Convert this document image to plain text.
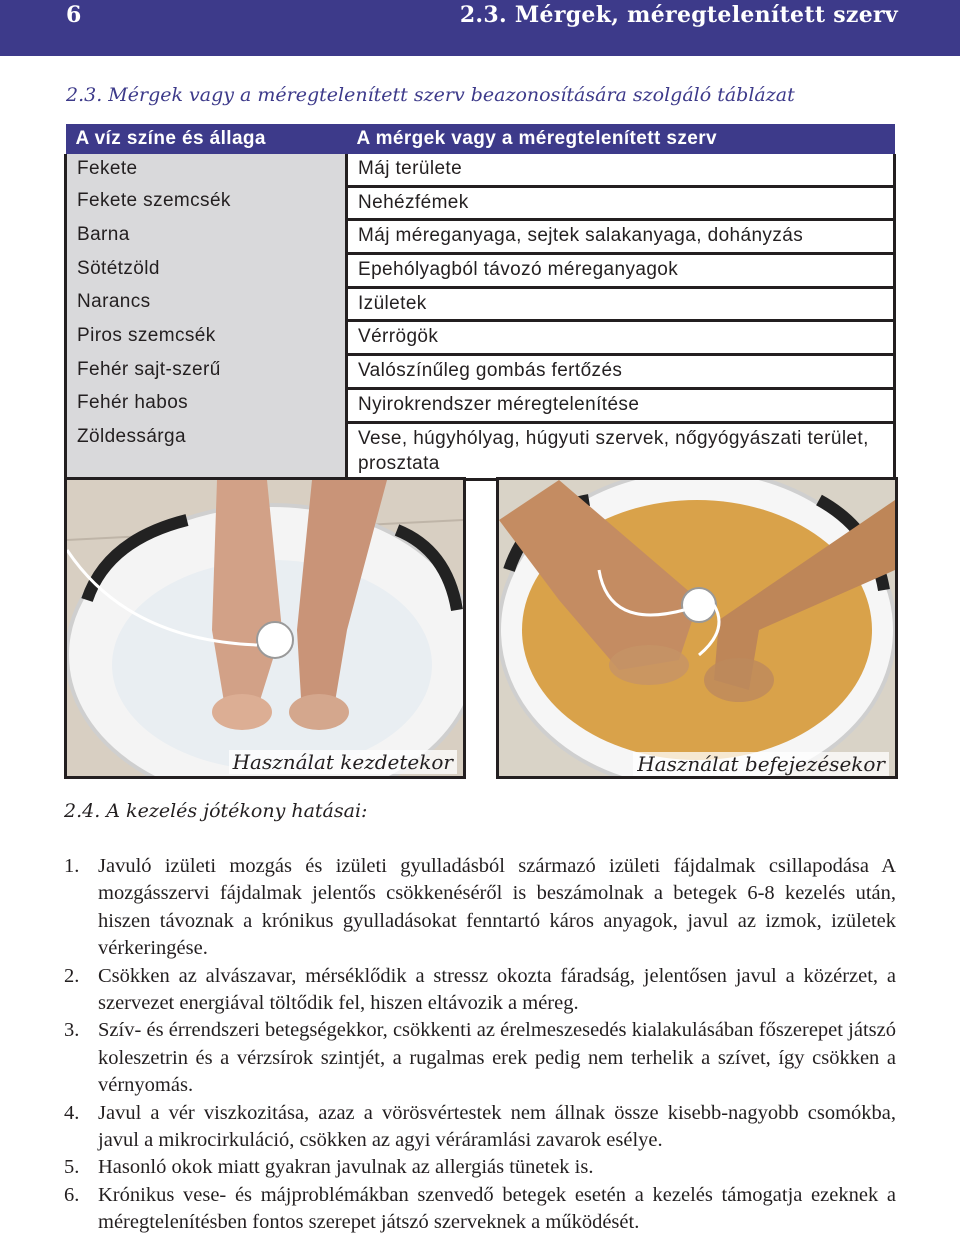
6	2.3. Mérgek, méregtelenített szerv
2.3. Mérgek vagy a méregtelenített szerv beazonosítására szolgáló táblázat
A víz színe és állaga	A mérgek vagy a méregtelenített szerv
Fekete	Máj területe
Fekete szemcsék	Nehézfémek
Barna	Máj méreganyaga, sejtek salakanyaga, dohányzás
Sötétzöld	Epehólyagból távozó méreganyagok
Narancs	Izületek
Piros szemcsék	Vérrögök
Fehér sajt-szerű	Valószínűleg gombás fertőzés
Fehér habos	Nyirokrendszer méregtelenítése
Zöldessárga	Vese, húgyhólyag, húgyuti szervek, nőgyógyászati terület, prosztata
Használat kezdetekor	Használat befejezésekor
2.4. A kezelés jótékony hatásai:
1. Javuló izületi mozgás és izületi gyulladásból származó izületi fájdalmak csillapodása A mozgásszervi fájdalmak jelentős csökkenéséről is beszámolnak a betegek 6-8 kezelés után, hiszen távoznak a krónikus gyulladásokat fenntartó káros anyagok, javul az izmok, izületek vérkeringése.
2. Csökken az alvászavar, mérséklődik a stressz okozta fáradság, jelentősen javul a közérzet, a szervezet energiával töltődik fel, hiszen eltávozik a méreg.
3. Szív- és érrendszeri betegségekkor, csökkenti az érelmeszesedés kialakulásában főszerepet játszó koleszetrin és a vérzsírok szintjét, a rugalmas erek pedig nem terhelik a szívet, így csökken a vérnyomás.
4. Javul a vér viszkozitása, azaz a vörösvértestek nem állnak össze kisebb-nagyobb csomókba, javul a mikrocirkuláció, csökken az agyi véráramlási zavarok esélye.
5. Hasonló okok miatt gyakran javulnak az allergiás tünetek is.
6. Krónikus vese- és májproblémákban szenvedő betegek esetén a kezelés támogatja ezeknek a méregtelenítésben fontos szerepet játszó szerveknek a működését.
